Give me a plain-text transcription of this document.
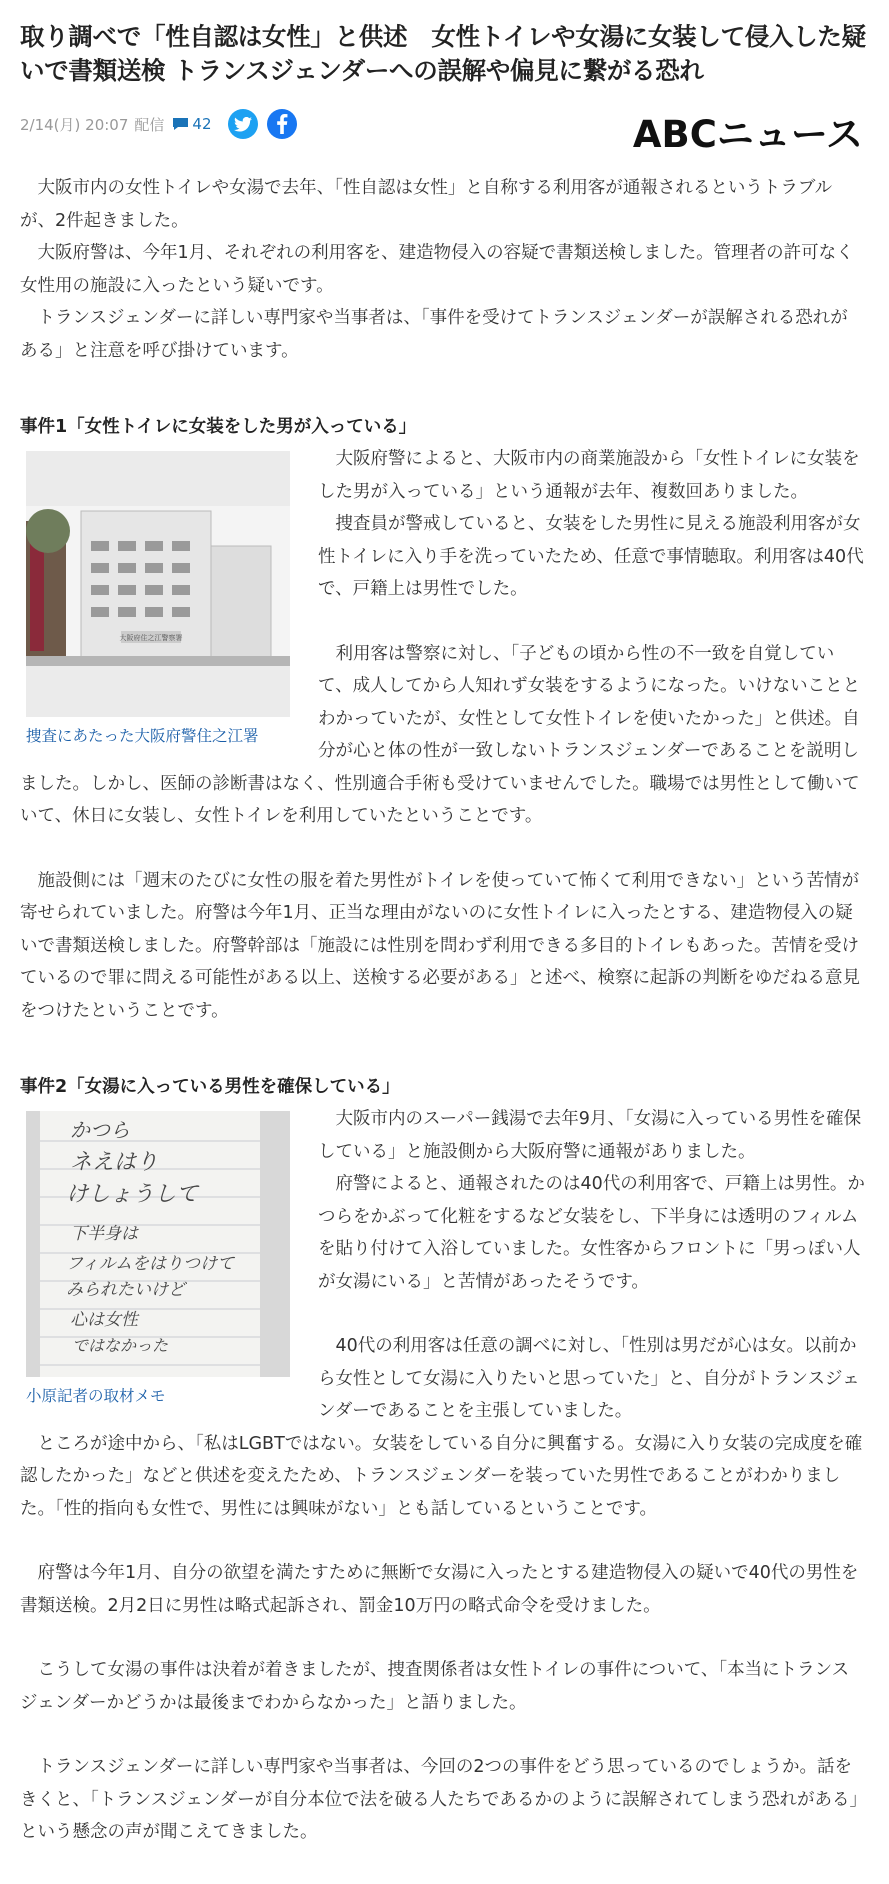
取り調べで「性自認は女性」と供述　女性トイレや女湯に女装して侵入した疑いで書類送検 トランスジェンダーへの誤解や偏見に繋がる恐れ
2/14(月) 20:07 配信 42	ABCニュース

大阪市内の女性トイレや女湯で去年、「性自認は女性」と自称する利用客が通報されるというトラブルが、2件起きました。

大阪府警は、今年1月、それぞれの利用客を、建造物侵入の容疑で書類送検しました。管理者の許可なく女性用の施設に入ったという疑いです。

トランスジェンダーに詳しい専門家や当事者は、「事件を受けてトランスジェンダーが誤解される恐れがある」と注意を呼び掛けています。

事件1「女性トイレに女装をした男が入っている」
大阪府住之江警察署
捜査にあたった大阪府警住之江署

大阪府警によると、大阪市内の商業施設から「女性トイレに女装をした男が入っている」という通報が去年、複数回ありました。

捜査員が警戒していると、女装をした男性に見える施設利用客が女性トイレに入り手を洗っていたため、任意で事情聴取。利用客は40代で、戸籍上は男性でした。

利用客は警察に対し、「子どもの頃から性の不一致を自覚していて、成人してから人知れず女装をするようになった。いけないこととわかっていたが、女性として女性トイレを使いたかった」と供述。自分が心と体の性が一致しないトランスジェンダーであることを説明しました。しかし、医師の診断書はなく、性別適合手術も受けていませんでした。職場では男性として働いていて、休日に女装し、女性トイレを利用していたということです。

施設側には「週末のたびに女性の服を着た男性がトイレを使っていて怖くて利用できない」という苦情が寄せられていました。府警は今年1月、正当な理由がないのに女性トイレに入ったとする、建造物侵入の疑いで書類送検しました。府警幹部は「施設には性別を問わず利用できる多目的トイレもあった。苦情を受けているので罪に問える可能性がある以上、送検する必要がある」と述べ、検察に起訴の判断をゆだねる意見をつけたということです。

事件2「女湯に入っている男性を確保している」
かつら
ネえはり
けしょうして
下半身は
フィルムをはりつけて
みられたいけど
心は女性
ではなかった
小原記者の取材メモ

大阪市内のスーパー銭湯で去年9月、「女湯に入っている男性を確保している」と施設側から大阪府警に通報がありました。

府警によると、通報されたのは40代の利用客で、戸籍上は男性。かつらをかぶって化粧をするなど女装をし、下半身には透明のフィルムを貼り付けて入浴していました。女性客からフロントに「男っぽい人が女湯にいる」と苦情があったそうです。

40代の利用客は任意の調べに対し、「性別は男だが心は女。以前から女性として女湯に入りたいと思っていた」と、自分がトランスジェンダーであることを主張していました。

ところが途中から、「私はLGBTではない。女装をしている自分に興奮する。女湯に入り女装の完成度を確認したかった」などと供述を変えたため、トランスジェンダーを装っていた男性であることがわかりました。「性的指向も女性で、男性には興味がない」とも話しているということです。

府警は今年1月、自分の欲望を満たすために無断で女湯に入ったとする建造物侵入の疑いで40代の男性を書類送検。2月2日に男性は略式起訴され、罰金10万円の略式命令を受けました。

こうして女湯の事件は決着が着きましたが、捜査関係者は女性トイレの事件について、「本当にトランスジェンダーかどうかは最後までわからなかった」と語りました。

トランスジェンダーに詳しい専門家や当事者は、今回の2つの事件をどう思っているのでしょうか。話をきくと、「トランスジェンダーが自分本位で法を破る人たちであるかのように誤解されてしまう恐れがある」という懸念の声が聞こえてきました。
